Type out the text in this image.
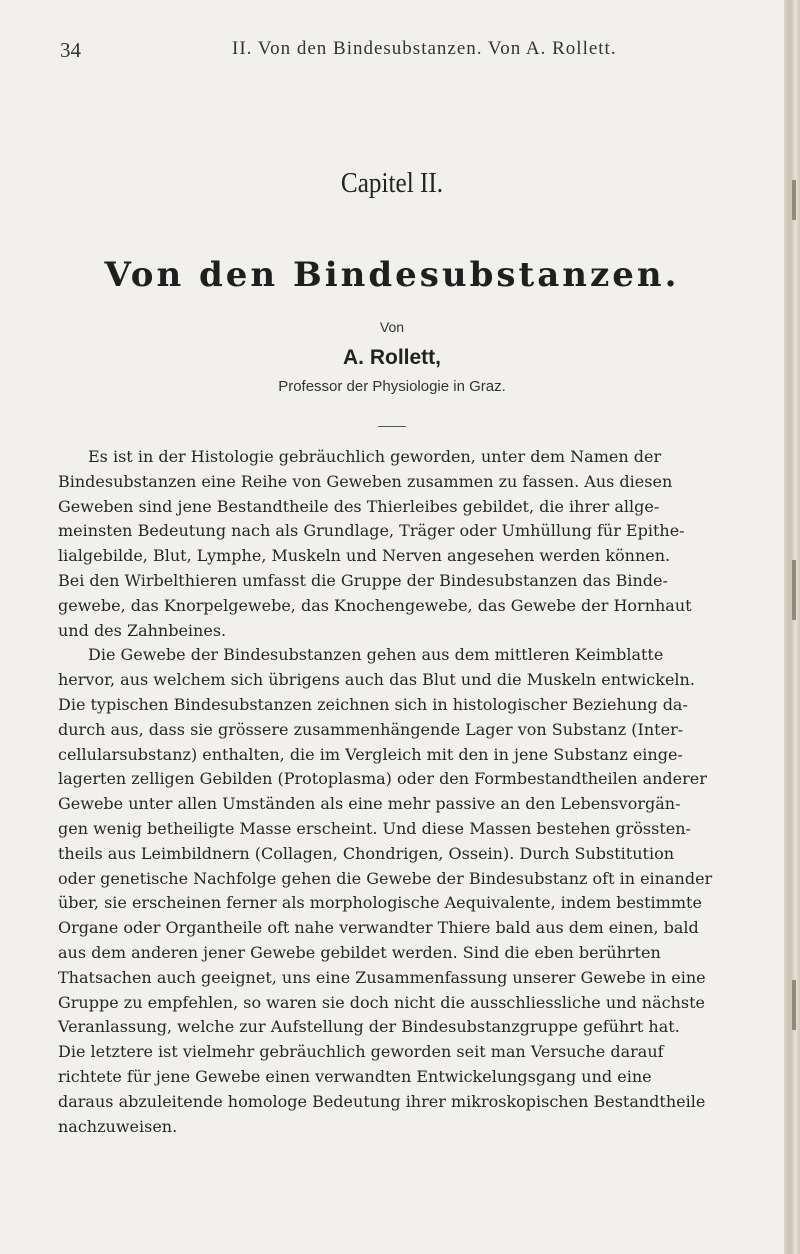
34	II. Von den Bindesubstanzen. Von A. Rollett.
Capitel II.
Von den Bindesubstanzen.
Von
A. Rollett,
Professor der Physiologie in Graz.
Es ist in der Histologie gebräuchlich geworden, unter dem Namen der
Bindesubstanzen eine Reihe von Geweben zusammen zu fassen. Aus diesen
Geweben sind jene Bestandtheile des Thierleibes gebildet, die ihrer allge-
meinsten Bedeutung nach als Grundlage, Träger oder Umhüllung für Epithe-
lialgebilde, Blut, Lymphe, Muskeln und Nerven angesehen werden können.
Bei den Wirbelthieren umfasst die Gruppe der Bindesubstanzen das Binde-
gewebe, das Knorpelgewebe, das Knochengewebe, das Gewebe der Hornhaut
und des Zahnbeines.
Die Gewebe der Bindesubstanzen gehen aus dem mittleren Keimblatte
hervor, aus welchem sich übrigens auch das Blut und die Muskeln entwickeln.
Die typischen Bindesubstanzen zeichnen sich in histologischer Beziehung da-
durch aus, dass sie grössere zusammenhängende Lager von Substanz (Inter-
cellularsubstanz) enthalten, die im Vergleich mit den in jene Substanz einge-
lagerten zelligen Gebilden (Protoplasma) oder den Formbestandtheilen anderer
Gewebe unter allen Umständen als eine mehr passive an den Lebensvorgän-
gen wenig betheiligte Masse erscheint. Und diese Massen bestehen grössten-
theils aus Leimbildnern (Collagen, Chondrigen, Ossein). Durch Substitution
oder genetische Nachfolge gehen die Gewebe der Bindesubstanz oft in einander
über, sie erscheinen ferner als morphologische Aequivalente, indem bestimmte
Organe oder Organtheile oft nahe verwandter Thiere bald aus dem einen, bald
aus dem anderen jener Gewebe gebildet werden. Sind die eben berührten
Thatsachen auch geeignet, uns eine Zusammenfassung unserer Gewebe in eine
Gruppe zu empfehlen, so waren sie doch nicht die ausschliessliche und nächste
Veranlassung, welche zur Aufstellung der Bindesubstanzgruppe geführt hat.
Die letztere ist vielmehr gebräuchlich geworden seit man Versuche darauf
richtete für jene Gewebe einen verwandten Entwickelungsgang und eine
daraus abzuleitende homologe Bedeutung ihrer mikroskopischen Bestandtheile
nachzuweisen.
